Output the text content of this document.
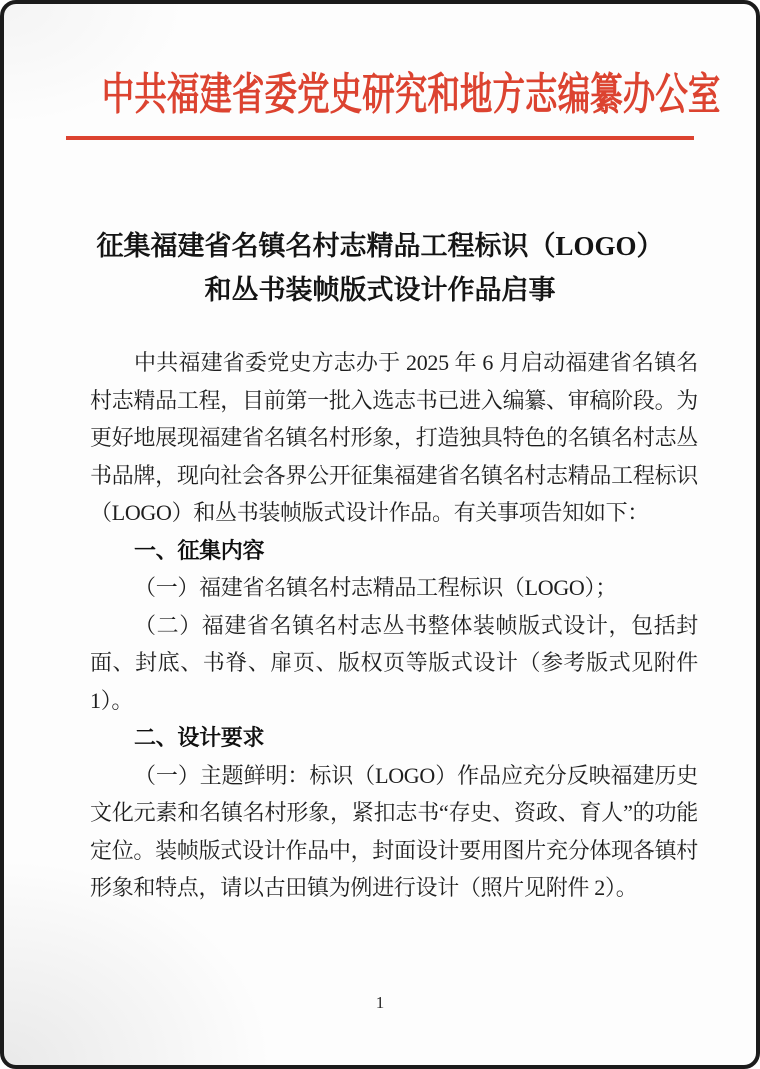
中共福建省委党史研究和地方志编纂办公室
征集福建省名镇名村志精品工程标识（LOGO）
和丛书装帧版式设计作品启事

中共福建省委党史方志办于 2025 年 6 月启动福建省名镇名村志精品工程，目前第一批入选志书已进入编纂、审稿阶段。为更好地展现福建省名镇名村形象，打造独具特色的名镇名村志丛书品牌，现向社会各界公开征集福建省名镇名村志精品工程标识（LOGO）和丛书装帧版式设计作品。有关事项告知如下：

一、征集内容

（一）福建省名镇名村志精品工程标识（LOGO）；

（二）福建省名镇名村志丛书整体装帧版式设计，包括封面、封底、书脊、扉页、版权页等版式设计（参考版式见附件 1）。

二、设计要求

（一）主题鲜明：标识（LOGO）作品应充分反映福建历史文化元素和名镇名村形象，紧扣志书“存史、资政、育人”的功能定位。装帧版式设计作品中，封面设计要用图片充分体现各镇村形象和特点，请以古田镇为例进行设计（照片见附件 2）。

1
